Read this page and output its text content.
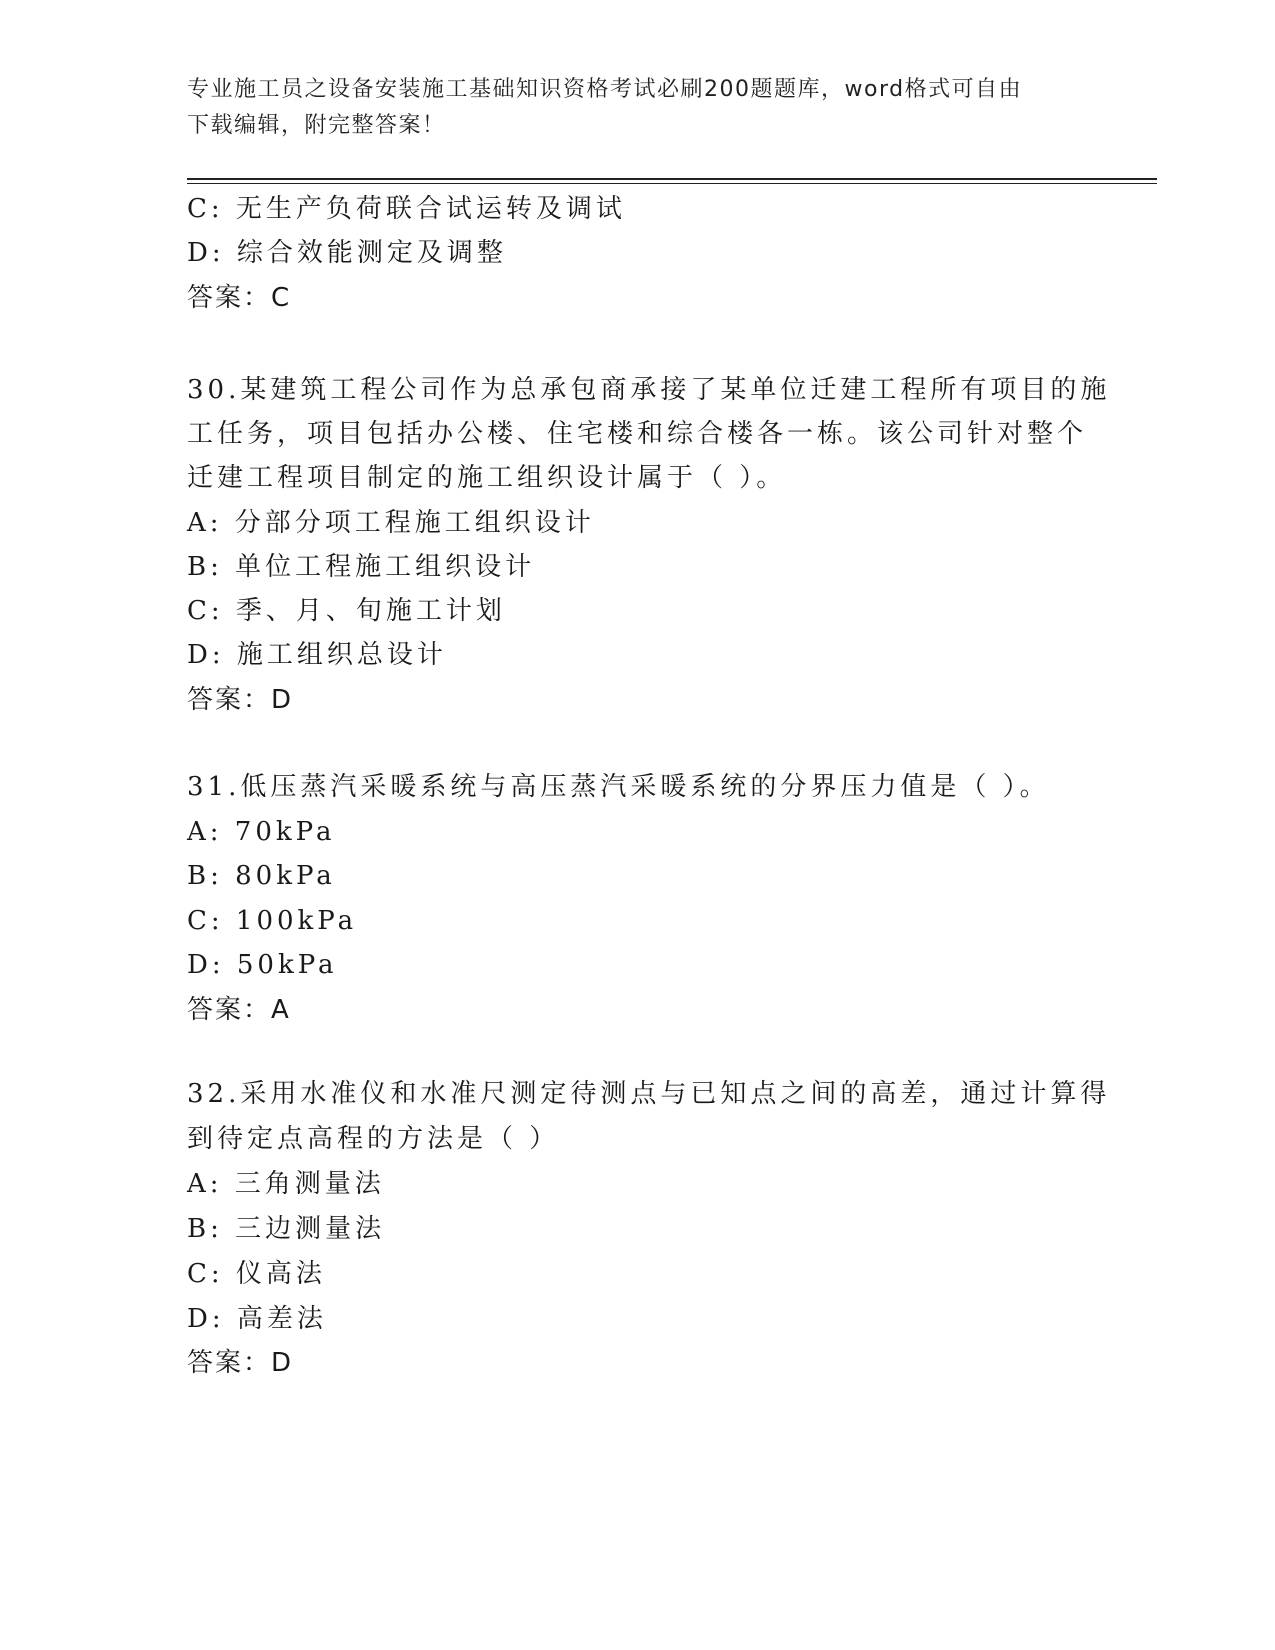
专业施工员之设备安装施工基础知识资格考试必刷200题题库，word格式可自由
下载编辑，附完整答案！
C: 无生产负荷联合试运转及调试
D: 综合效能测定及调整
答案：C
30.某建筑工程公司作为总承包商承接了某单位迁建工程所有项目的施
工任务，项目包括办公楼、住宅楼和综合楼各一栋。该公司针对整个
迁建工程项目制定的施工组织设计属于（ ）。
A: 分部分项工程施工组织设计
B: 单位工程施工组织设计
C: 季、月、旬施工计划
D: 施工组织总设计
答案：D
31.低压蒸汽采暖系统与高压蒸汽采暖系统的分界压力值是（ ）。
A: 70kPa
B: 80kPa
C: 100kPa
D: 50kPa
答案：A
32.采用水准仪和水准尺测定待测点与已知点之间的高差，通过计算得
到待定点高程的方法是（ ）
A: 三角测量法
B: 三边测量法
C: 仪高法
D: 高差法
答案：D
